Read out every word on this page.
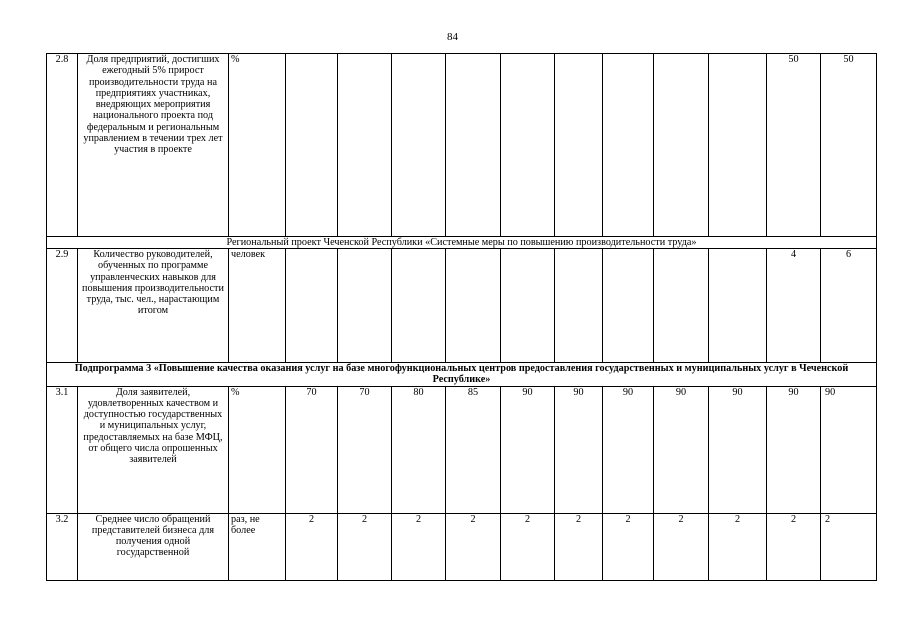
84
2.8	Доля предприятий, достигших ежегодный 5% прирост производительности труда на предприятиях участниках, внедряющих мероприятия национального проекта под федеральным и региональным управлением в течении трех лет участия в проекте	%										50	50	
Региональный проект Чеченской Республики «Системные меры по повышению производительности труда»														
2.9	Количество руководителей, обученных по программе управленческих навыков для повышения производительности труда, тыс. чел., нарастающим итогом	человек										4	6	
Подпрограмма 3 «Повышение качества оказания услуг на базе многофункциональных центров предоставления государственных и муниципальных услуг в Чеченской Республике»														
3.1	Доля заявителей, удовлетворенных качеством и доступностью государственных и муниципальных услуг, предоставляемых на базе МФЦ, от общего числа опрошенных заявителей	%	70	70	80	85	90	90	90	90	90	90	90	
3.2	Среднее число обращений представителей бизнеса для получения одной государственной	раз, не более	2	2	2	2	2	2	2	2	2	2	2	
